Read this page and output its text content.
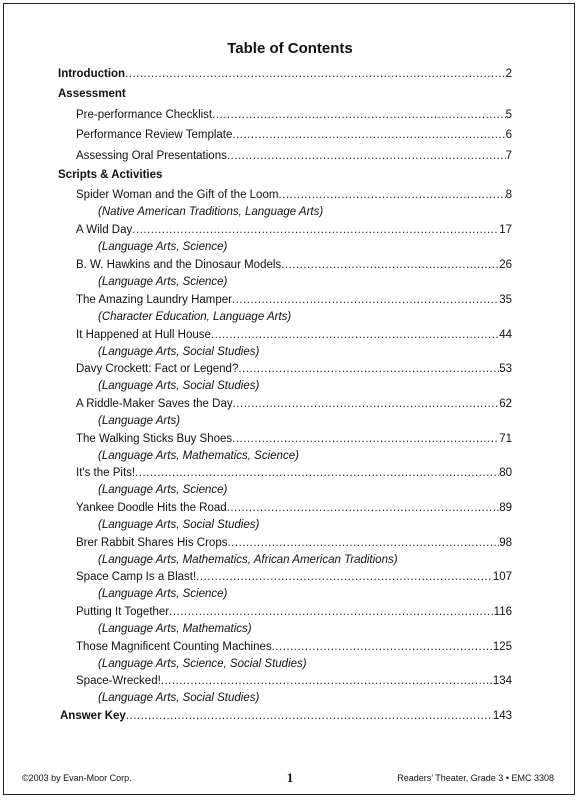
Table of Contents
Introduction .....	2
Assessment
Pre-performance Checklist .....	5
Performance Review Template .....	6
Assessing Oral Presentations .....	7
Scripts & Activities
Spider Woman and the Gift of the Loom .....	8
(Native American Traditions, Language Arts)
A Wild Day .....	17
(Language Arts, Science)
B. W. Hawkins and the Dinosaur Models .....	26
(Language Arts, Science)
The Amazing Laundry Hamper .....	35
(Character Education, Language Arts)
It Happened at Hull House .....	44
(Language Arts, Social Studies)
Davy Crockett: Fact or Legend? .....	53
(Language Arts, Social Studies)
A Riddle-Maker Saves the Day .....	62
(Language Arts)
The Walking Sticks Buy Shoes .....	71
(Language Arts, Mathematics, Science)
It's the Pits! .....	80
(Language Arts, Science)
Yankee Doodle Hits the Road .....	89
(Language Arts, Social Studies)
Brer Rabbit Shares His Crops .....	98
(Language Arts, Mathematics, African American Traditions)
Space Camp Is a Blast! .....	107
(Language Arts, Science)
Putting It Together .....	116
(Language Arts, Mathematics)
Those Magnificent Counting Machines .....	125
(Language Arts, Science, Social Studies)
Space-Wrecked! .....	134
(Language Arts, Social Studies)
Answer Key .....	143
©2003 by Evan-Moor Corp.	1	Readers’ Theater, Grade 3 • EMC 3308
